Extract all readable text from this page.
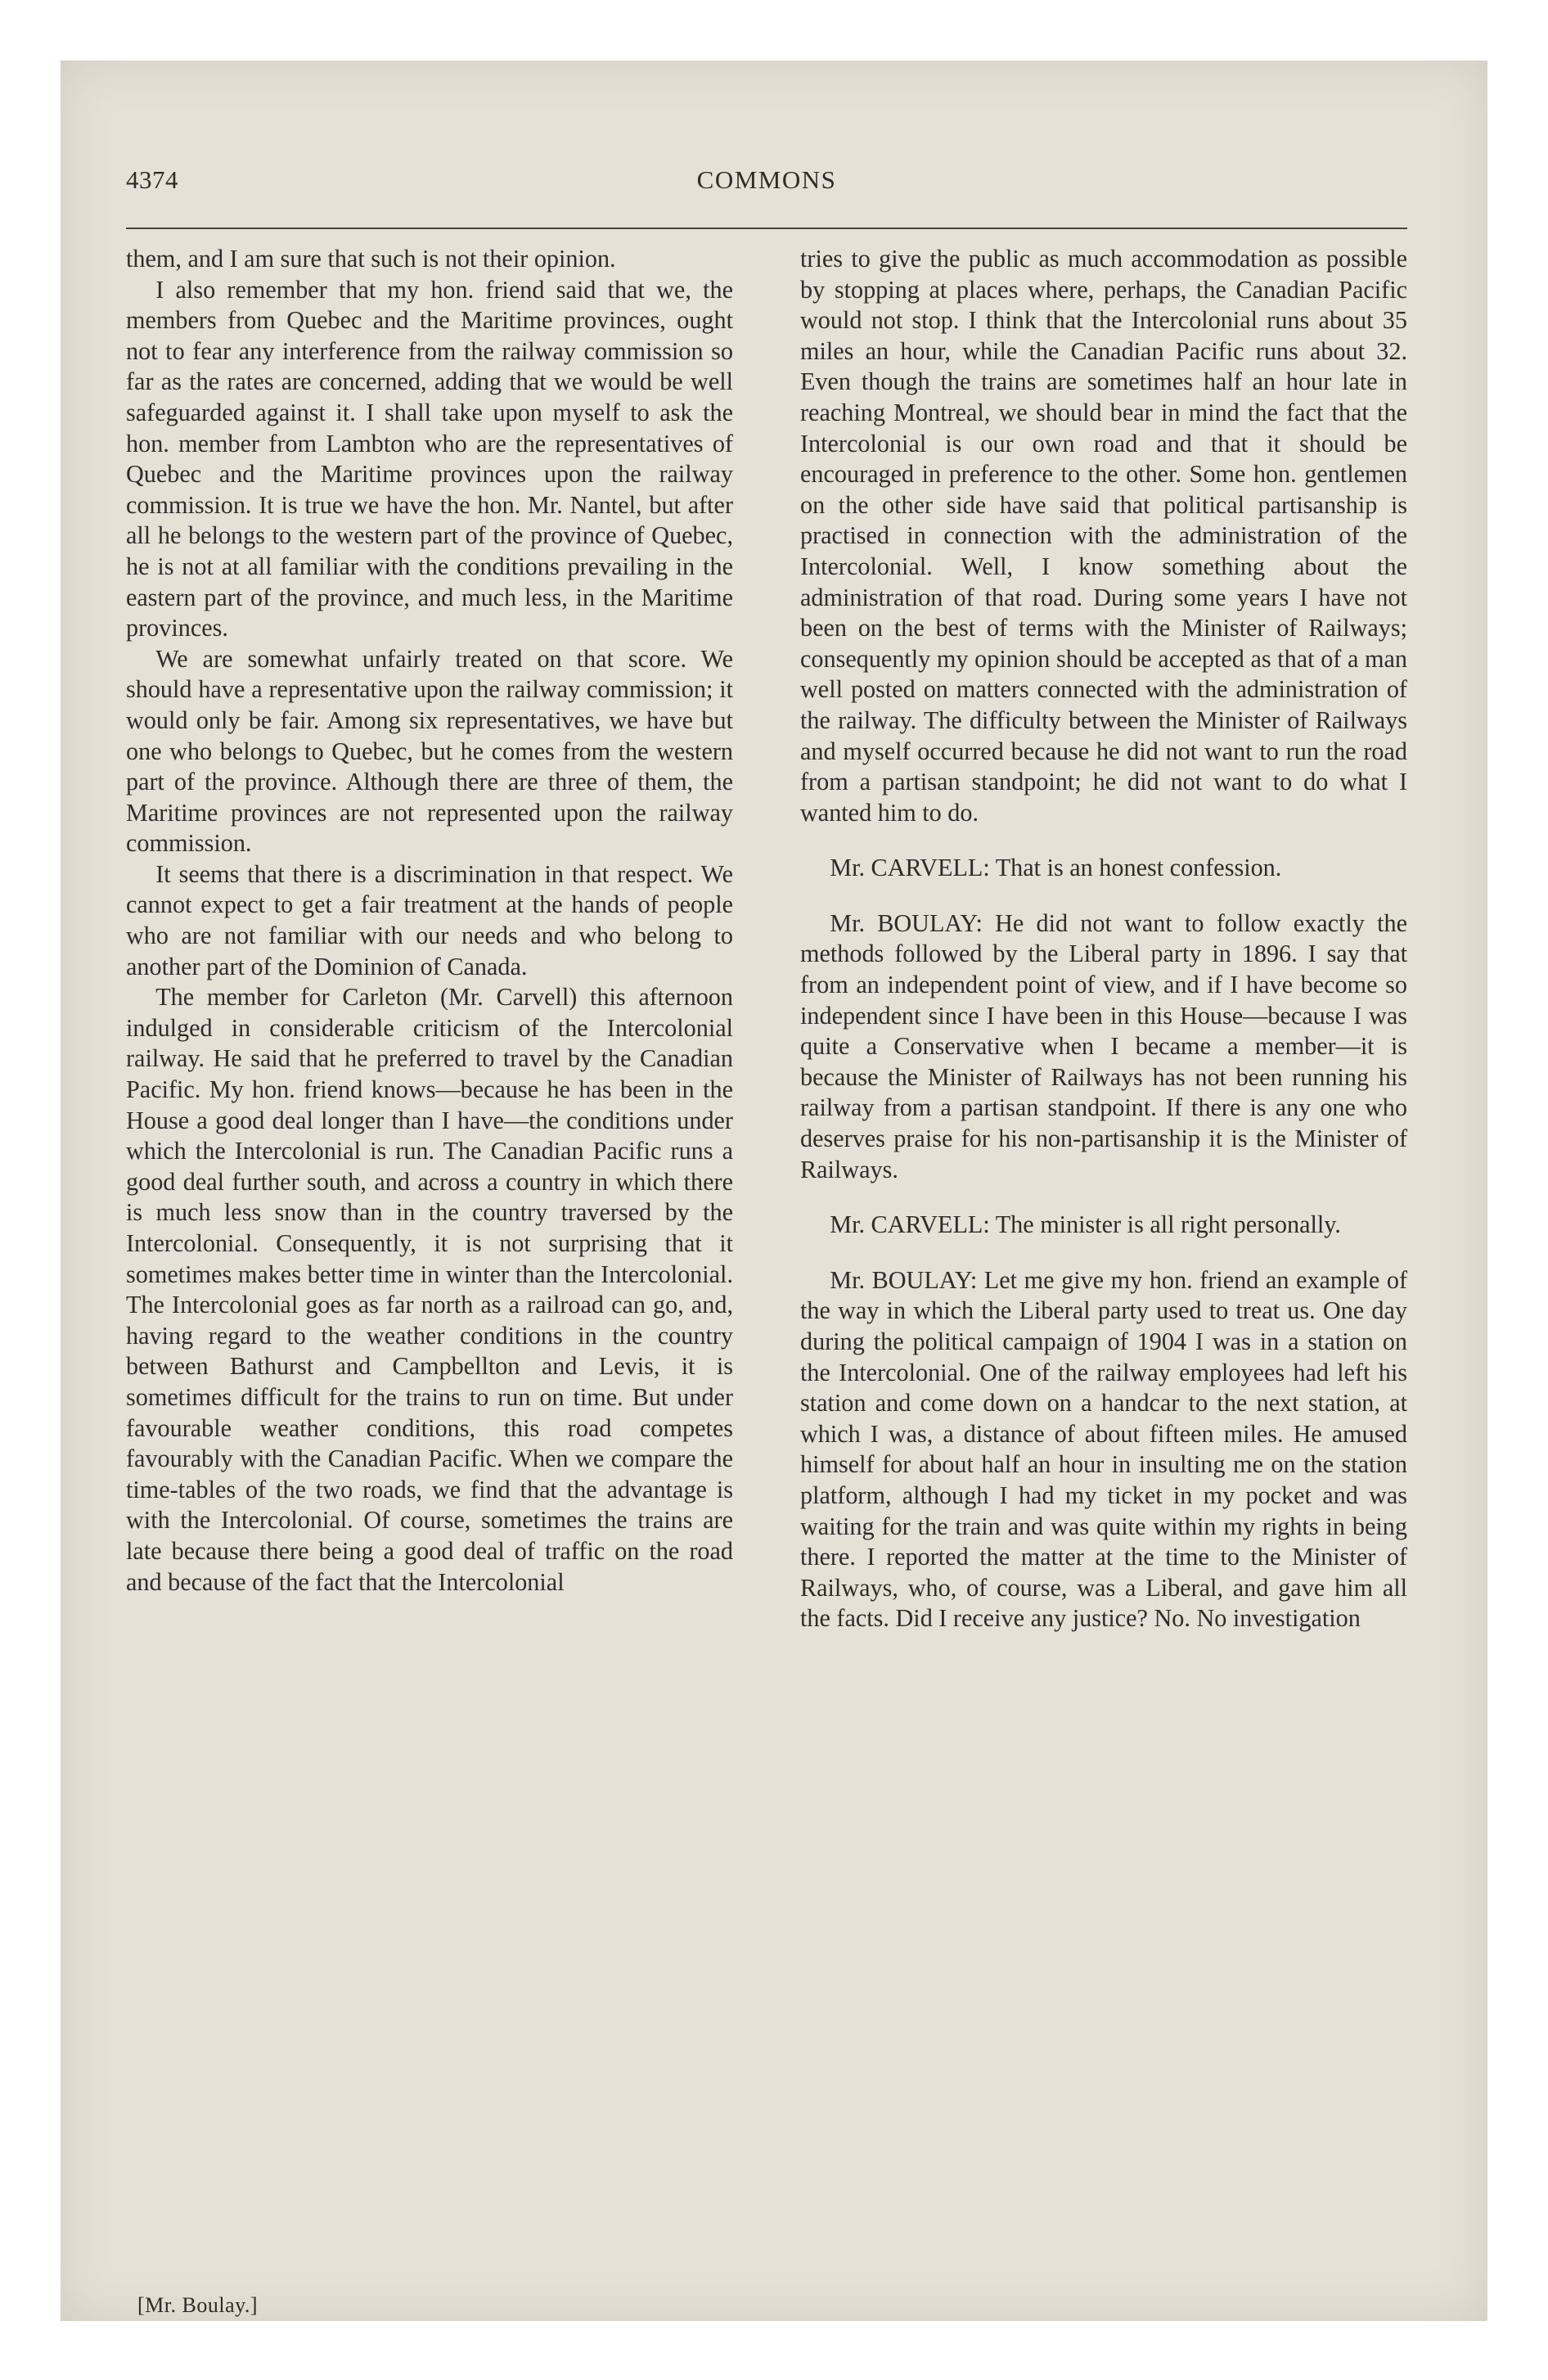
4374	COMMONS

them, and I am sure that such is not their opinion.

I also remember that my hon. friend said that we, the members from Quebec and the Maritime provinces, ought not to fear any interference from the railway commission so far as the rates are concerned, adding that we would be well safeguarded against it. I shall take upon myself to ask the hon. member from Lambton who are the representatives of Quebec and the Maritime provinces upon the railway commission. It is true we have the hon. Mr. Nantel, but after all he belongs to the western part of the province of Quebec, he is not at all familiar with the conditions prevailing in the eastern part of the province, and much less, in the Maritime provinces.

We are somewhat unfairly treated on that score. We should have a representative upon the railway commission; it would only be fair. Among six representatives, we have but one who belongs to Quebec, but he comes from the western part of the province. Although there are three of them, the Maritime provinces are not represented upon the railway commission.

It seems that there is a discrimination in that respect. We cannot expect to get a fair treatment at the hands of people who are not familiar with our needs and who belong to another part of the Dominion of Canada.

The member for Carleton (Mr. Carvell) this afternoon indulged in considerable criticism of the Intercolonial railway. He said that he preferred to travel by the Canadian Pacific. My hon. friend knows—because he has been in the House a good deal longer than I have—the conditions under which the Intercolonial is run. The Canadian Pacific runs a good deal further south, and across a country in which there is much less snow than in the country traversed by the Intercolonial. Consequently, it is not surprising that it sometimes makes better time in winter than the Intercolonial. The Intercolonial goes as far north as a railroad can go, and, having regard to the weather conditions in the country between Bathurst and Campbellton and Levis, it is sometimes difficult for the trains to run on time. But under favourable weather conditions, this road competes favourably with the Canadian Pacific. When we compare the time-tables of the two roads, we find that the advantage is with the Intercolonial. Of course, sometimes the trains are late because there being a good deal of traffic on the road and because of the fact that the Intercolonial

tries to give the public as much accommodation as possible by stopping at places where, perhaps, the Canadian Pacific would not stop. I think that the Intercolonial runs about 35 miles an hour, while the Canadian Pacific runs about 32. Even though the trains are sometimes half an hour late in reaching Montreal, we should bear in mind the fact that the Intercolonial is our own road and that it should be encouraged in preference to the other. Some hon. gentlemen on the other side have said that political partisanship is practised in connection with the administration of the Intercolonial. Well, I know something about the administration of that road. During some years I have not been on the best of terms with the Minister of Railways; consequently my opinion should be accepted as that of a man well posted on matters connected with the administration of the railway. The difficulty between the Minister of Railways and myself occurred because he did not want to run the road from a partisan standpoint; he did not want to do what I wanted him to do.

Mr. CARVELL: That is an honest confession.

Mr. BOULAY: He did not want to follow exactly the methods followed by the Liberal party in 1896. I say that from an independent point of view, and if I have become so independent since I have been in this House—because I was quite a Conservative when I became a member—it is because the Minister of Railways has not been running his railway from a partisan standpoint. If there is any one who deserves praise for his non-partisanship it is the Minister of Railways.

Mr. CARVELL: The minister is all right personally.

Mr. BOULAY: Let me give my hon. friend an example of the way in which the Liberal party used to treat us. One day during the political campaign of 1904 I was in a station on the Intercolonial. One of the railway employees had left his station and come down on a handcar to the next station, at which I was, a distance of about fifteen miles. He amused himself for about half an hour in insulting me on the station platform, although I had my ticket in my pocket and was waiting for the train and was quite within my rights in being there. I reported the matter at the time to the Minister of Railways, who, of course, was a Liberal, and gave him all the facts. Did I receive any justice? No. No investigation

[Mr. Boulay.]
